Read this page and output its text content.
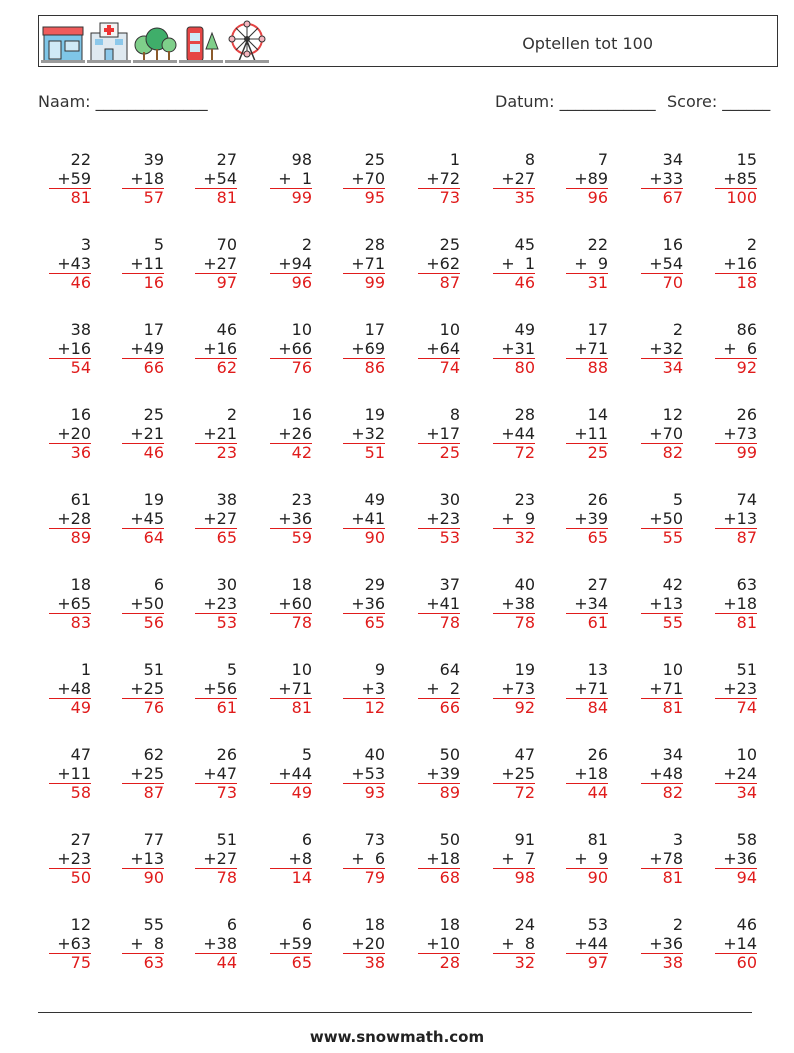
Optellen tot 100
Naam: ______________	Datum: ____________ Score: ______
22
+59
81
39
+18
57
27
+54
81
98
+  1
99
25
+70
95
1
+72
73
8
+27
35
7
+89
96
34
+33
67
15
+85
100
3
+43
46
5
+11
16
70
+27
97
2
+94
96
28
+71
99
25
+62
87
45
+  1
46
22
+  9
31
16
+54
70
2
+16
18
38
+16
54
17
+49
66
46
+16
62
10
+66
76
17
+69
86
10
+64
74
49
+31
80
17
+71
88
2
+32
34
86
+  6
92
16
+20
36
25
+21
46
2
+21
23
16
+26
42
19
+32
51
8
+17
25
28
+44
72
14
+11
25
12
+70
82
26
+73
99
61
+28
89
19
+45
64
38
+27
65
23
+36
59
49
+41
90
30
+23
53
23
+  9
32
26
+39
65
5
+50
55
74
+13
87
18
+65
83
6
+50
56
30
+23
53
18
+60
78
29
+36
65
37
+41
78
40
+38
78
27
+34
61
42
+13
55
63
+18
81
1
+48
49
51
+25
76
5
+56
61
10
+71
81
9
+3
12
64
+  2
66
19
+73
92
13
+71
84
10
+71
81
51
+23
74
47
+11
58
62
+25
87
26
+47
73
5
+44
49
40
+53
93
50
+39
89
47
+25
72
26
+18
44
34
+48
82
10
+24
34
27
+23
50
77
+13
90
51
+27
78
6
+8
14
73
+  6
79
50
+18
68
91
+  7
98
81
+  9
90
3
+78
81
58
+36
94
12
+63
75
55
+  8
63
6
+38
44
6
+59
65
18
+20
38
18
+10
28
24
+  8
32
53
+44
97
2
+36
38
46
+14
60
www.snowmath.com
